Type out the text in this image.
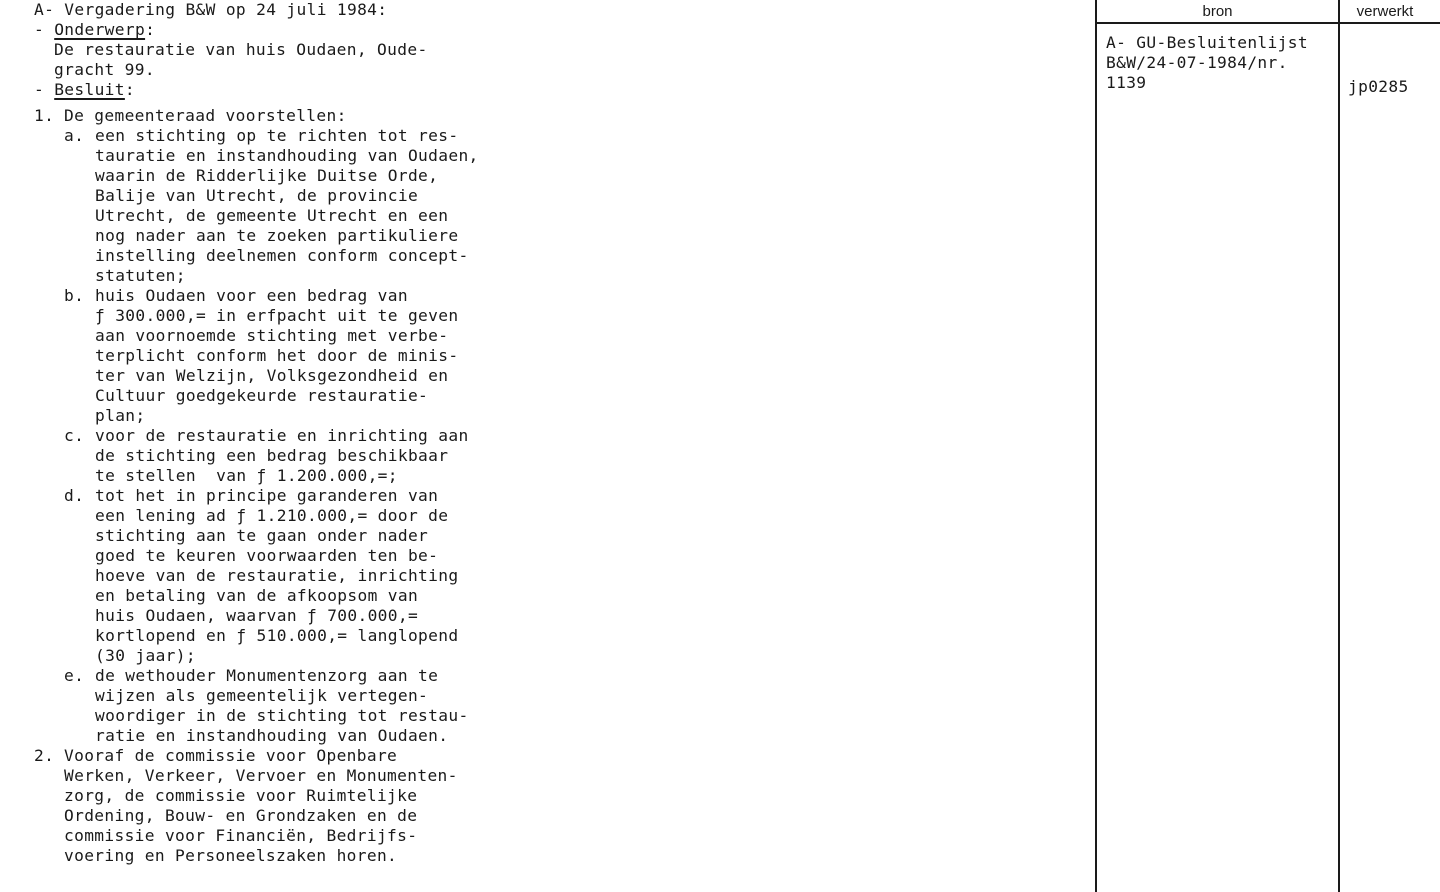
A- Vergadering B&W op 24 juli 1984:

- Onderwerp:

De restauratie van huis Oudaen, Oude-

gracht 99.

- Besluit:

1. De gemeenteraad voorstellen:
a. een stichting op te richten tot res-
tauratie en instandhouding van Oudaen,
waarin de Ridderlijke Duitse Orde,
Balije van Utrecht, de provincie
Utrecht, de gemeente Utrecht en een
nog nader aan te zoeken partikuliere
instelling deelnemen conform concept-
statuten;
b. huis Oudaen voor een bedrag van
ƒ 300.000,= in erfpacht uit te geven
aan voornoemde stichting met verbe-
terplicht conform het door de minis-
ter van Welzijn, Volksgezondheid en
Cultuur goedgekeurde restauratie-
plan;
c. voor de restauratie en inrichting aan
de stichting een bedrag beschikbaar
te stellen  van ƒ 1.200.000,=;
d. tot het in principe garanderen van
een lening ad ƒ 1.210.000,= door de
stichting aan te gaan onder nader
goed te keuren voorwaarden ten be-
hoeve van de restauratie, inrichting
en betaling van de afkoopsom van
huis Oudaen, waarvan ƒ 700.000,=
kortlopend en ƒ 510.000,= langlopend
(30 jaar);
e. de wethouder Monumentenzorg aan te
wijzen als gemeentelijk vertegen-
woordiger in de stichting tot restau-
ratie en instandhouding van Oudaen.
2. Vooraf de commissie voor Openbare
Werken, Verkeer, Vervoer en Monumenten-
zorg, de commissie voor Ruimtelijke
Ordening, Bouw- en Grondzaken en de
commissie voor Financiën, Bedrijfs-
voering en Personeelszaken horen.

bron	verwerkt

A- GU-Besluitenlijst

B&W/24-07-1984/nr.

1139

	jp0285
